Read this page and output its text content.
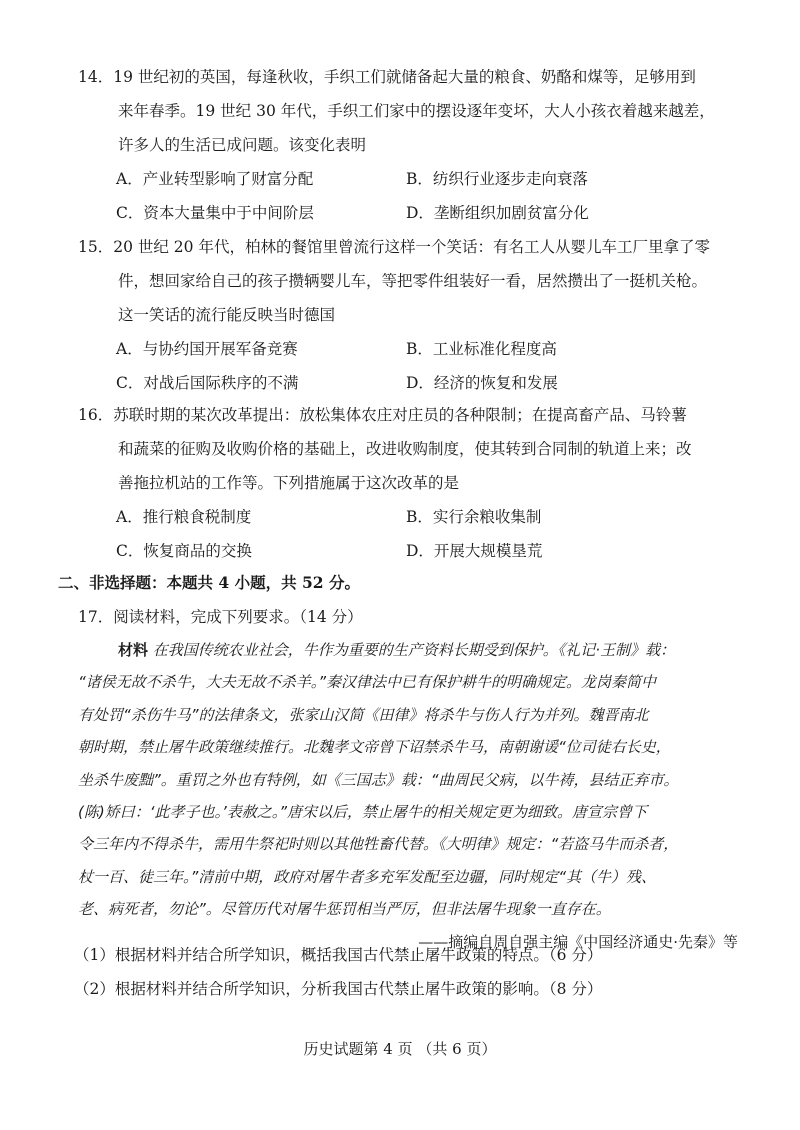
14．19 世纪初的英国，每逢秋收，手织工们就储备起大量的粮食、奶酪和煤等，足够用到
来年春季。19 世纪 30 年代，手织工们家中的摆设逐年变坏，大人小孩衣着越来越差，
许多人的生活已成问题。该变化表明
A．产业转型影响了财富分配	B．纺织行业逐步走向衰落
C．资本大量集中于中间阶层	D．垄断组织加剧贫富分化
15．20 世纪 20 年代，柏林的餐馆里曾流行这样一个笑话：有名工人从婴儿车工厂里拿了零
件，想回家给自己的孩子攒辆婴儿车，等把零件组装好一看，居然攒出了一挺机关枪。
这一笑话的流行能反映当时德国
A．与协约国开展军备竞赛	B．工业标准化程度高
C．对战后国际秩序的不满	D．经济的恢复和发展
16．苏联时期的某次改革提出：放松集体农庄对庄员的各种限制；在提高畜产品、马铃薯
和蔬菜的征购及收购价格的基础上，改进收购制度，使其转到合同制的轨道上来；改
善拖拉机站的工作等。下列措施属于这次改革的是
A．推行粮食税制度	B．实行余粮收集制
C．恢复商品的交换	D．开展大规模垦荒
二、非选择题：本题共 4 小题，共 52 分。
17．阅读材料，完成下列要求。（14 分）
材料 在我国传统农业社会，牛作为重要的生产资料长期受到保护。《礼记·王制》载：
“诸侯无故不杀牛，大夫无故不杀羊。”秦汉律法中已有保护耕牛的明确规定。龙岗秦简中
有处罚“杀伤牛马”的法律条文，张家山汉简《田律》将杀牛与伤人行为并列。魏晋南北
朝时期，禁止屠牛政策继续推行。北魏孝文帝曾下诏禁杀牛马，南朝谢谖“位司徒右长史，
坐杀牛废黜”。重罚之外也有特例，如《三国志》载：“曲周民父病，以牛祷，县结正弃市。
(陈)矫曰：‘此孝子也。’表赦之。”唐宋以后，禁止屠牛的相关规定更为细致。唐宣宗曾下
令三年内不得杀牛，需用牛祭祀时则以其他牲畜代替。《大明律》规定：“若盗马牛而杀者，
杖一百、徒三年。”清前中期，政府对屠牛者多充军发配至边疆，同时规定“其（牛）残、
老、病死者，勿论”。尽管历代对屠牛惩罚相当严厉，但非法屠牛现象一直存在。
——摘编自周自强主编《中国经济通史·先秦》等
（1）根据材料并结合所学知识，概括我国古代禁止屠牛政策的特点。（6 分）
（2）根据材料并结合所学知识，分析我国古代禁止屠牛政策的影响。（8 分）
历史试题第 4 页 （共 6 页）
